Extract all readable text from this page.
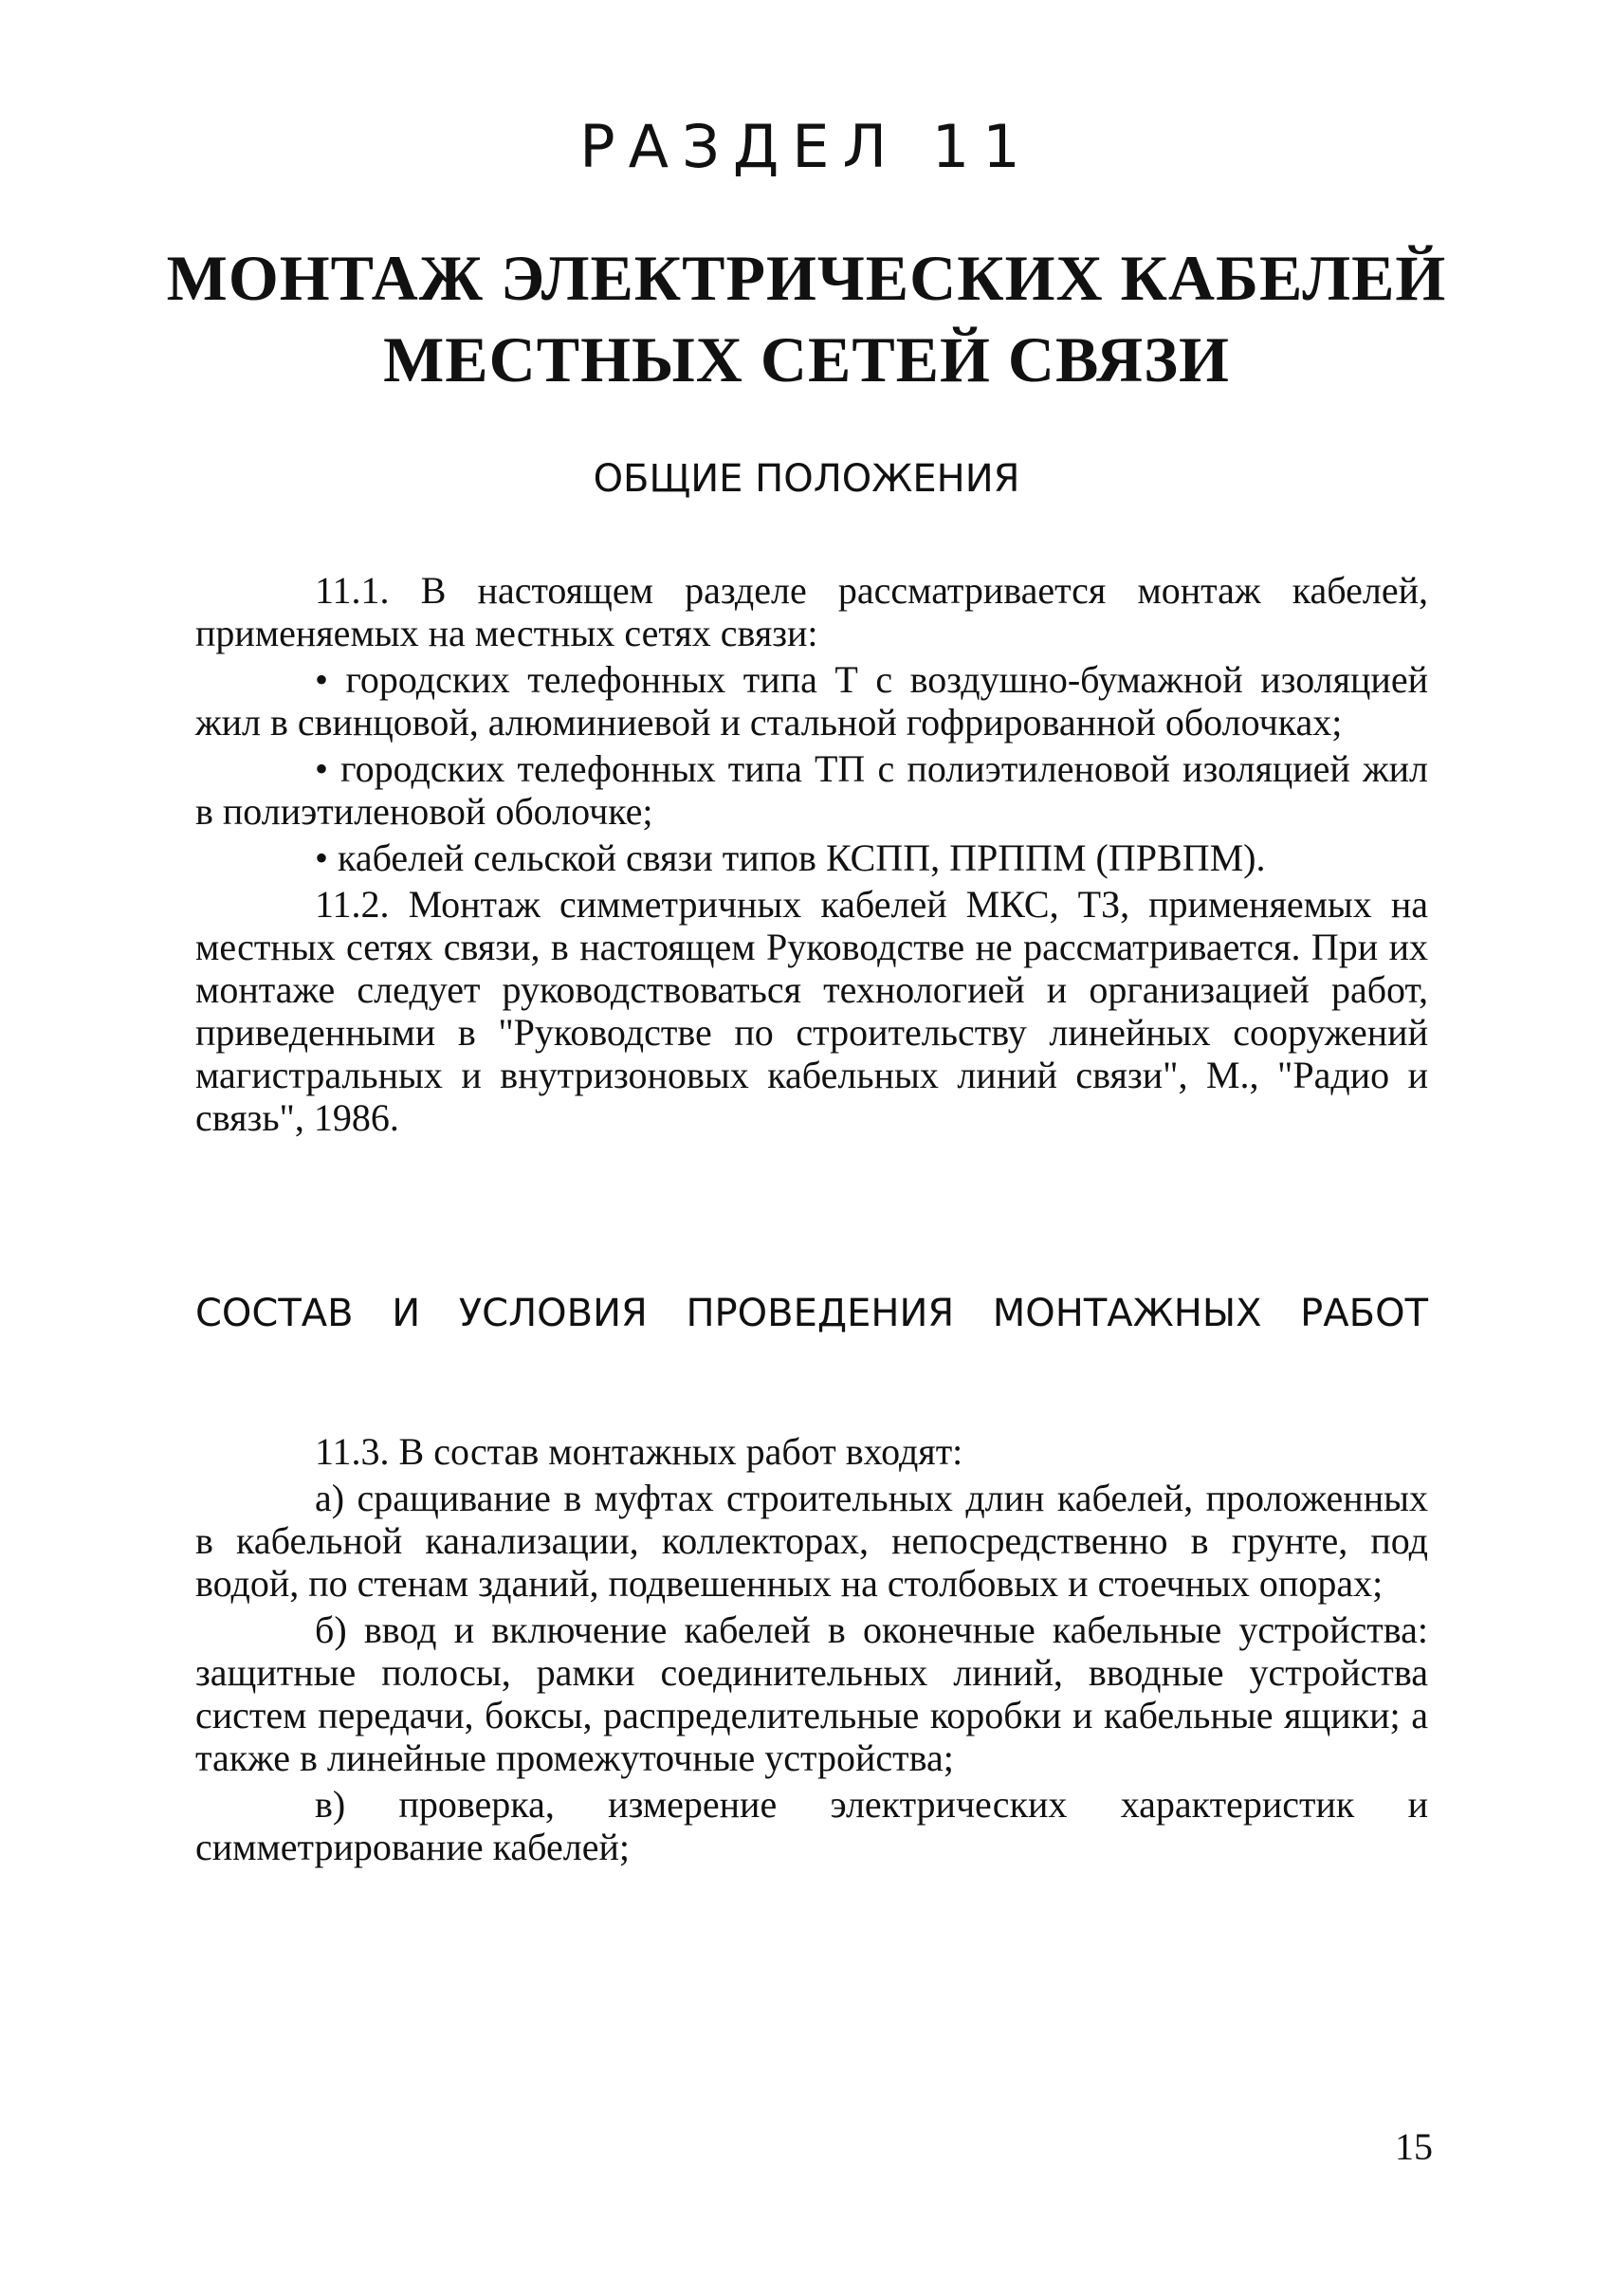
РАЗДЕЛ 11
МОНТАЖ ЭЛЕКТРИЧЕСКИХ КАБЕЛЕЙ
МЕСТНЫХ СЕТЕЙ СВЯЗИ
ОБЩИЕ ПОЛОЖЕНИЯ

11.1. В настоящем разделе рассматривается монтаж кабелей, применяемых на местных сетях связи:

• городских телефонных типа Т с воздушно-бумажной изоляцией жил в свинцовой, алюминиевой и стальной гофрированной оболочках;

• городских телефонных типа ТП с полиэтиленовой изоляцией жил в полиэтиленовой оболочке;

• кабелей сельской связи типов КСПП, ПРППМ (ПРВПМ).

11.2. Монтаж симметричных кабелей МКС, ТЗ, применяемых на местных сетях связи, в настоящем Руководстве не рассматривается. При их монтаже следует руководствоваться технологией и организацией работ, приведенными в "Руководстве по строительству линейных сооружений магистральных и внутризоновых кабельных линий связи", М., "Радио и связь", 1986.

СОСТАВ И УСЛОВИЯ ПРОВЕДЕНИЯ МОНТАЖНЫХ РАБОТ

11.3. В состав монтажных работ входят:

а) сращивание в муфтах строительных длин кабелей, проложенных в кабельной канализации, коллекторах, непосредственно в грунте, под водой, по стенам зданий, подвешенных на столбовых и стоечных опорах;

б) ввод и включение кабелей в оконечные кабельные устройства: защитные полосы, рамки соединительных линий, вводные устройства систем передачи, боксы, распределительные коробки и кабельные ящики; а также в линейные промежуточные устройства;

в) проверка, измерение электрических характеристик и симметрирование кабелей;

15
